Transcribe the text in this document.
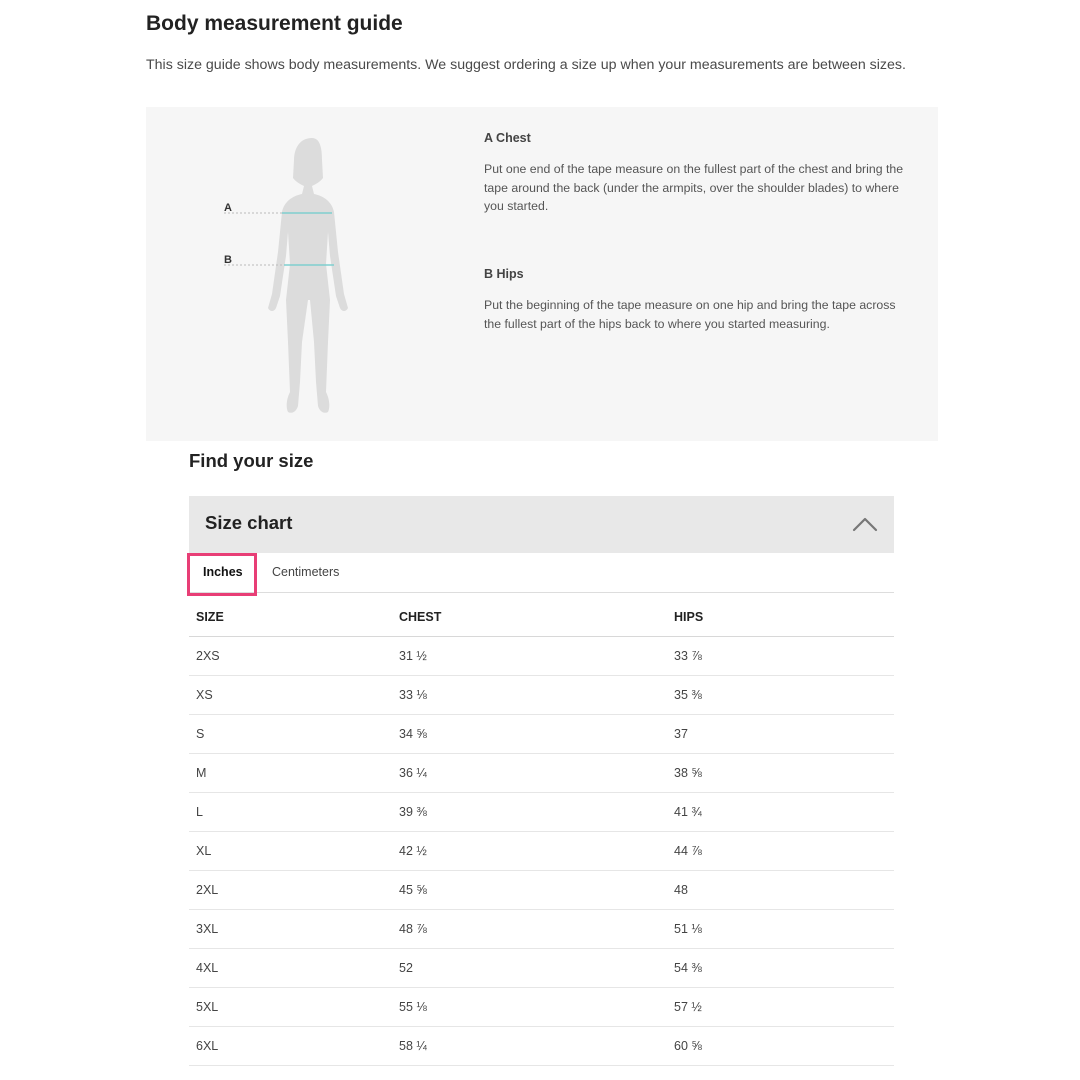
Body measurement guide

This size guide shows body measurements. We suggest ordering a size up when your measurements are between sizes.

A
B

A Chest

Put one end of the tape measure on the fullest part of the chest and bring the tape around the back (under the armpits, over the shoulder blades) to where you started.

B Hips

Put the beginning of the tape measure on one hip and bring the tape across the fullest part of the hips back to where you started measuring.

Find your size
Size chart
Inches Centimeters
SIZE	CHEST	HIPS
2XS	31 ½	33 ⅞
XS	33 ⅛	35 ⅜
S	34 ⅝	37
M	36 ¼	38 ⅝
L	39 ⅜	41 ¾
XL	42 ½	44 ⅞
2XL	45 ⅝	48
3XL	48 ⅞	51 ⅛
4XL	52	54 ⅜
5XL	55 ⅛	57 ½
6XL	58 ¼	60 ⅝
